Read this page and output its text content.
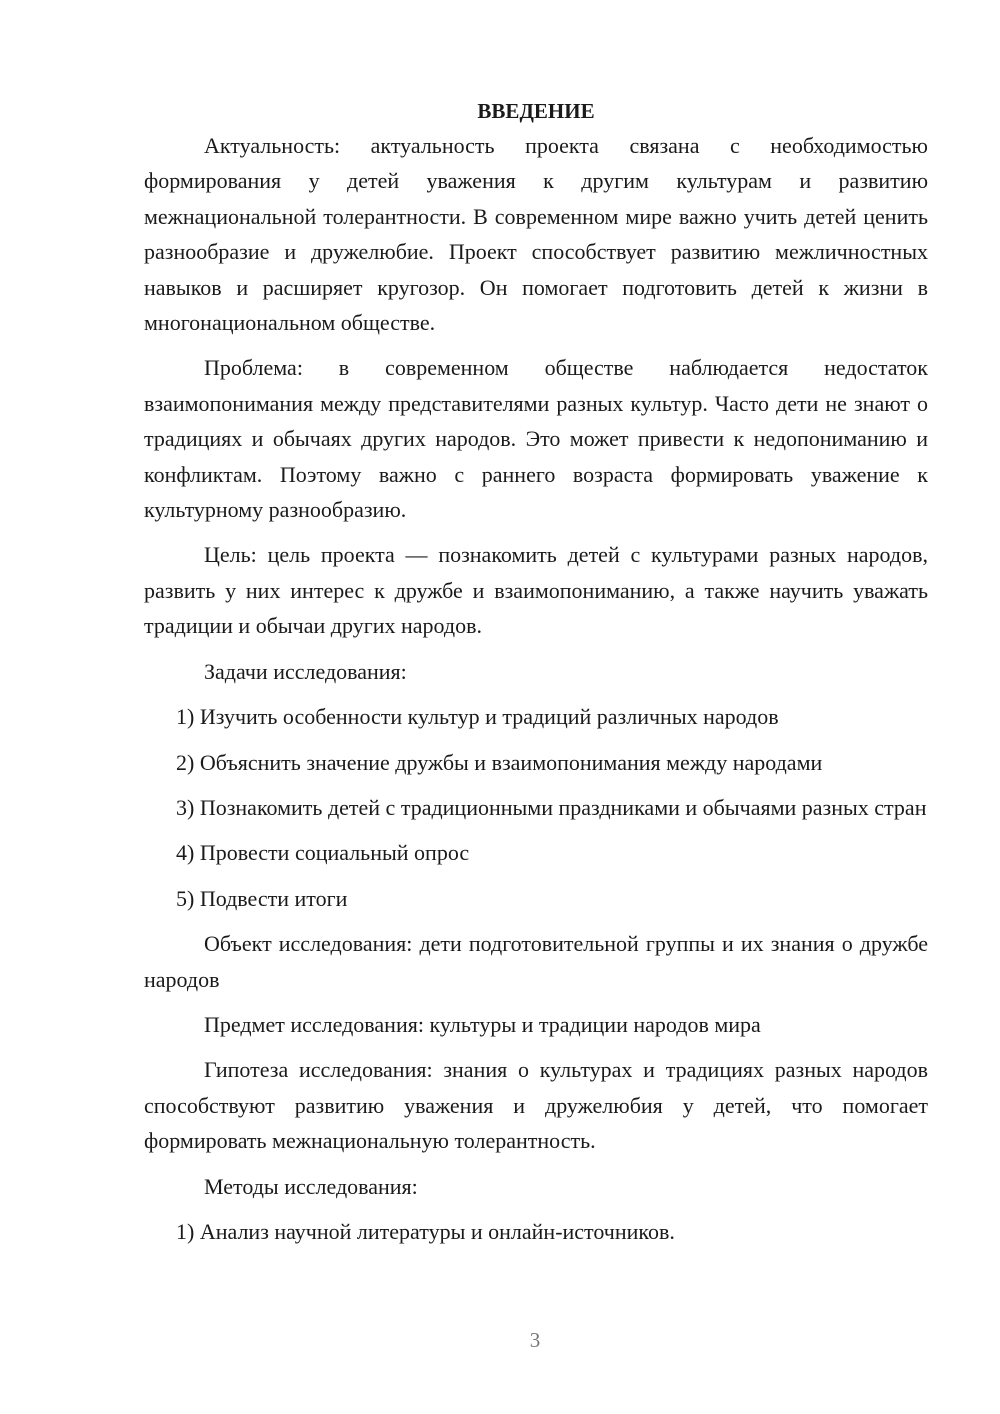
ВВЕДЕНИЕ

Актуальность: актуальность проекта связана с необходимостью формирования у детей уважения к другим культурам и развитию межнациональной толерантности. В современном мире важно учить детей ценить разнообразие и дружелюбие. Проект способствует развитию межличностных навыков и расширяет кругозор. Он помогает подготовить детей к жизни в многонациональном обществе.

Проблема: в современном обществе наблюдается недостаток взаимопонимания между представителями разных культур. Часто дети не знают о традициях и обычаях других народов. Это может привести к недопониманию и конфликтам. Поэтому важно с раннего возраста формировать уважение к культурному разнообразию.

Цель: цель проекта — познакомить детей с культурами разных народов, развить у них интерес к дружбе и взаимопониманию, а также научить уважать традиции и обычаи других народов.

Задачи исследования:

1) Изучить особенности культур и традиций различных народов

2) Объяснить значение дружбы и взаимопонимания между народами

3) Познакомить детей с традиционными праздниками и обычаями разных стран

4) Провести социальный опрос

5) Подвести итоги

Объект исследования: дети подготовительной группы и их знания о дружбе народов

Предмет исследования: культуры и традиции народов мира

Гипотеза исследования: знания о культурах и традициях разных народов способствуют развитию уважения и дружелюбия у детей, что помогает формировать межнациональную толерантность.

Методы исследования:

1) Анализ научной литературы и онлайн-источников.

3
